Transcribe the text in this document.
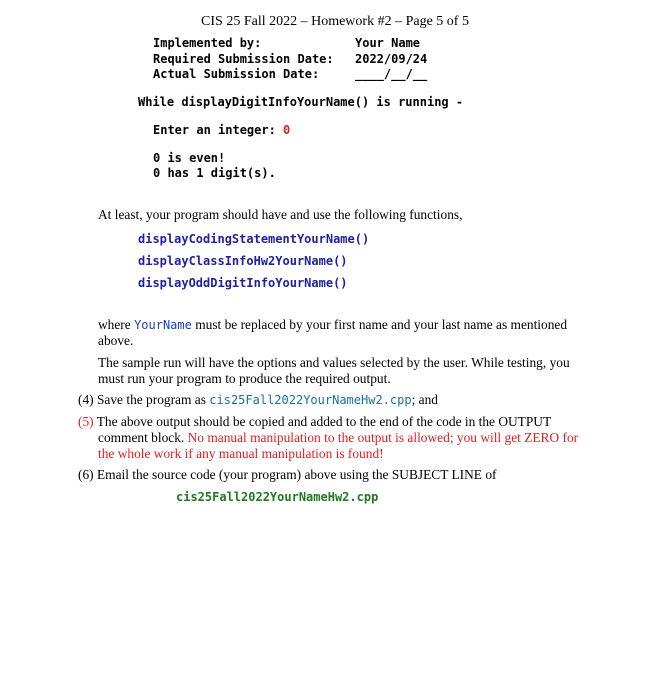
CIS 25 Fall 2022 – Homework #2 – Page 5 of 5
Implemented by:	Your Name
Required Submission Date:	2022/09/24
Actual Submission Date:	____/__/__
While displayDigitInfoYourName() is running -
Enter an integer: 0
0 is even!
0 has 1 digit(s).
At least, your program should have and use the following functions,
displayCodingStatementYourName()
displayClassInfoHw2YourName()
displayOddDigitInfoYourName()
where YourName must be replaced by your first name and your last name as mentioned
above.
The sample run will have the options and values selected by the user. While testing, you
must run your program to produce the required output.
(4) Save the program as cis25Fall2022YourNameHw2.cpp; and
(5) The above output should be copied and added to the end of the code in the OUTPUT
comment block. No manual manipulation to the output is allowed; you will get ZERO for
the whole work if any manual manipulation is found!
(6) Email the source code (your program) above using the SUBJECT LINE of
cis25Fall2022YourNameHw2.cpp
